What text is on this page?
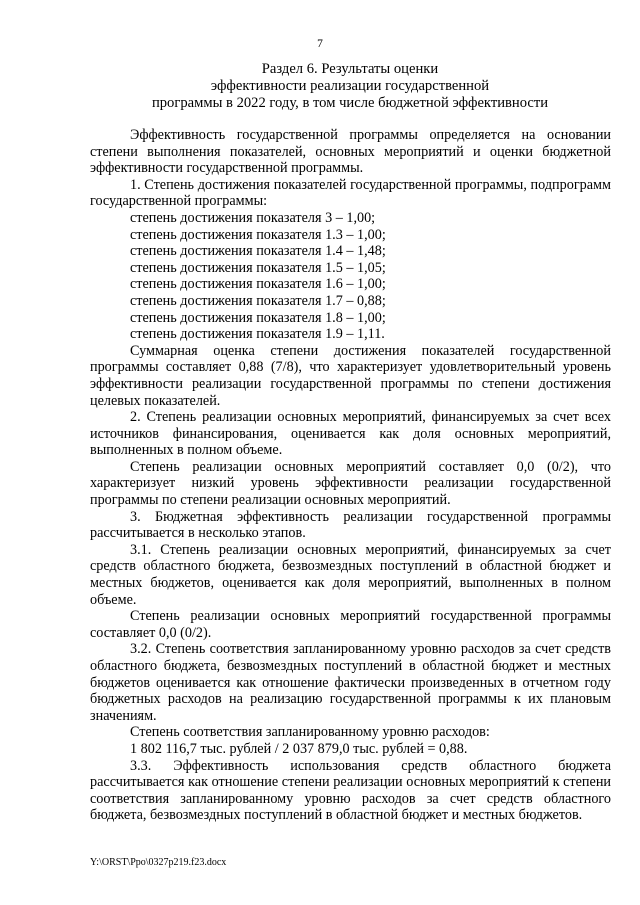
7
Раздел 6. Результаты оценки
эффективности реализации государственной
программы в 2022 году, в том числе бюджетной эффективности

Эффективность государственной программы определяется на основании степени выполнения показателей, основных мероприятий и оценки бюджетной эффективности государственной программы.

1. Степень достижения показателей государственной программы, подпрограмм государственной программы:

степень достижения показателя 3 – 1,00;

степень достижения показателя 1.3 – 1,00;

степень достижения показателя 1.4 – 1,48;

степень достижения показателя 1.5 – 1,05;

степень достижения показателя 1.6 – 1,00;

степень достижения показателя 1.7 – 0,88;

степень достижения показателя 1.8 – 1,00;

степень достижения показателя 1.9 – 1,11.

Суммарная оценка степени достижения показателей государственной программы составляет 0,88 (7/8), что характеризует удовлетворительный уровень эффективности реализации государственной программы по степени достижения целевых показателей.

2. Степень реализации основных мероприятий, финансируемых за счет всех источников финансирования, оценивается как доля основных мероприятий, выполненных в полном объеме.

Степень реализации основных мероприятий составляет 0,0 (0/2), что характеризует низкий уровень эффективности реализации государственной программы по степени реализации основных мероприятий.

3. Бюджетная эффективность реализации государственной программы рассчитывается в несколько этапов.

3.1. Степень реализации основных мероприятий, финансируемых за счет средств областного бюджета, безвозмездных поступлений в областной бюджет и местных бюджетов, оценивается как доля мероприятий, выполненных в полном объеме.

Степень реализации основных мероприятий государственной программы составляет 0,0 (0/2).

3.2. Степень соответствия запланированному уровню расходов за счет средств областного бюджета, безвозмездных поступлений в областной бюджет и местных бюджетов оценивается как отношение фактически произведенных в отчетном году бюджетных расходов на реализацию государственной программы к их плановым значениям.

Степень соответствия запланированному уровню расходов:

1 802 116,7 тыс. рублей / 2 037 879,0 тыс. рублей = 0,88.

3.3. Эффективность использования средств областного бюджета рассчитывается как отношение степени реализации основных мероприятий к степени соответствия запланированному уровню расходов за счет средств областного бюджета, безвозмездных поступлений в областной бюджет и местных бюджетов.

Y:\ORST\Ppo\0327p219.f23.docx
